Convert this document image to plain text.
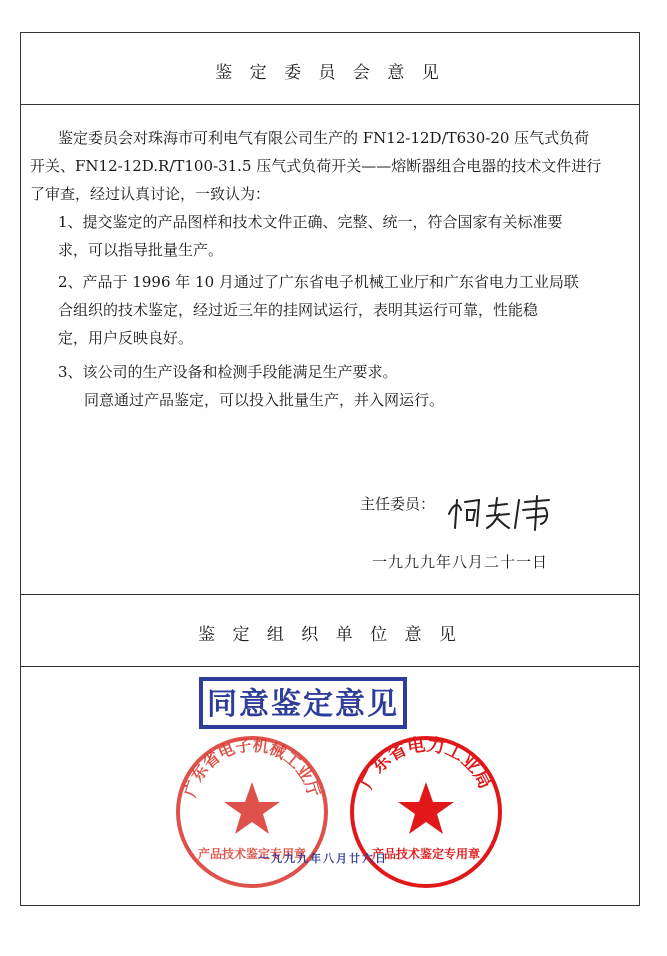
鉴 定 委 员 会 意 见
鉴定委员会对珠海市可利电气有限公司生产的 FN12-12D/T630-20 压气式负荷
开关、FN12-12D.R/T100-31.5 压气式负荷开关——熔断器组合电器的技术文件进行
了审查，经过认真讨论，一致认为：
1、提交鉴定的产品图样和技术文件正确、完整、统一，符合国家有关标准要
求，可以指导批量生产。
2、产品于 1996 年 10 月通过了广东省电子机械工业厅和广东省电力工业局联
合组织的技术鉴定，经过近三年的挂网试运行，表明其运行可靠，性能稳
定，用户反映良好。
3、该公司的生产设备和检测手段能满足生产要求。
同意通过产品鉴定，可以投入批量生产，并入网运行。
主任委员：
一九九九年八月二十一日
鉴 定 组 织 单 位 意 见
同意鉴定意见
广东省电子机械工业厅
产品技术鉴定专用章
广东省电力工业局
产品技术鉴定专用章
一九九九年八月廿六日
